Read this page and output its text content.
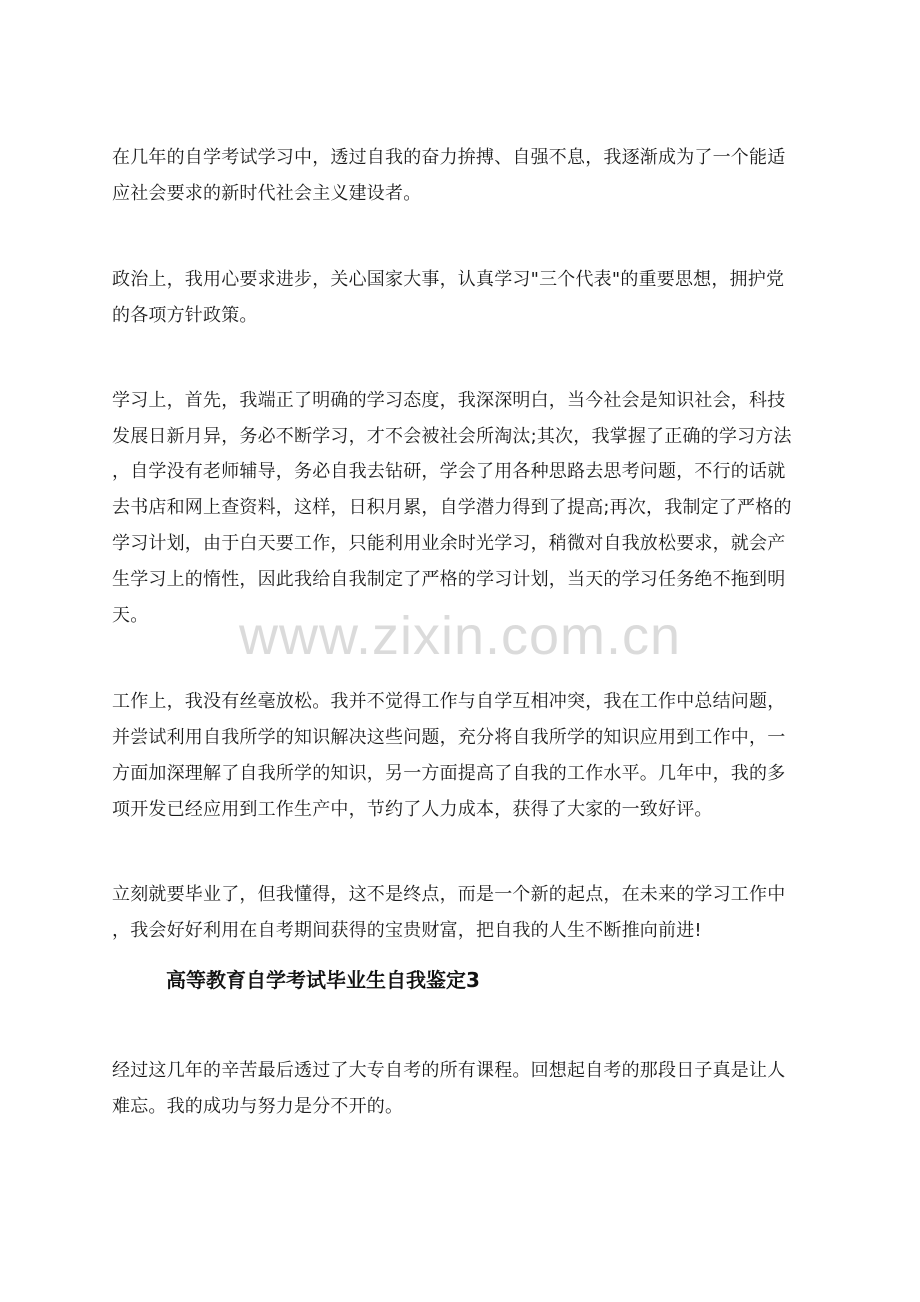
在几年的自学考试学习中，透过自我的奋力拚搏、自强不息，我逐渐成为了一个能适
应社会要求的新时代社会主义建设者。
政治上，我用心要求进步，关心国家大事，认真学习"三个代表"的重要思想，拥护党
的各项方针政策。
学习上，首先，我端正了明确的学习态度，我深深明白，当今社会是知识社会，科技
发展日新月异，务必不断学习，才不会被社会所淘汰;其次，我掌握了正确的学习方法
，自学没有老师辅导，务必自我去钻研，学会了用各种思路去思考问题，不行的话就
去书店和网上查资料，这样，日积月累，自学潜力得到了提高;再次，我制定了严格的
学习计划，由于白天要工作，只能利用业余时光学习，稍微对自我放松要求，就会产
生学习上的惰性，因此我给自我制定了严格的学习计划，当天的学习任务绝不拖到明
天。
工作上，我没有丝毫放松。我并不觉得工作与自学互相冲突，我在工作中总结问题，
并尝试利用自我所学的知识解决这些问题，充分将自我所学的知识应用到工作中，一
方面加深理解了自我所学的知识，另一方面提高了自我的工作水平。几年中，我的多
项开发已经应用到工作生产中，节约了人力成本，获得了大家的一致好评。
立刻就要毕业了，但我懂得，这不是终点，而是一个新的起点，在未来的学习工作中
，我会好好利用在自考期间获得的宝贵财富，把自我的人生不断推向前进!
高等教育自学考试毕业生自我鉴定3
经过这几年的辛苦最后透过了大专自考的所有课程。回想起自考的那段日子真是让人
难忘。我的成功与努力是分不开的。
www.zixin.com.cn
